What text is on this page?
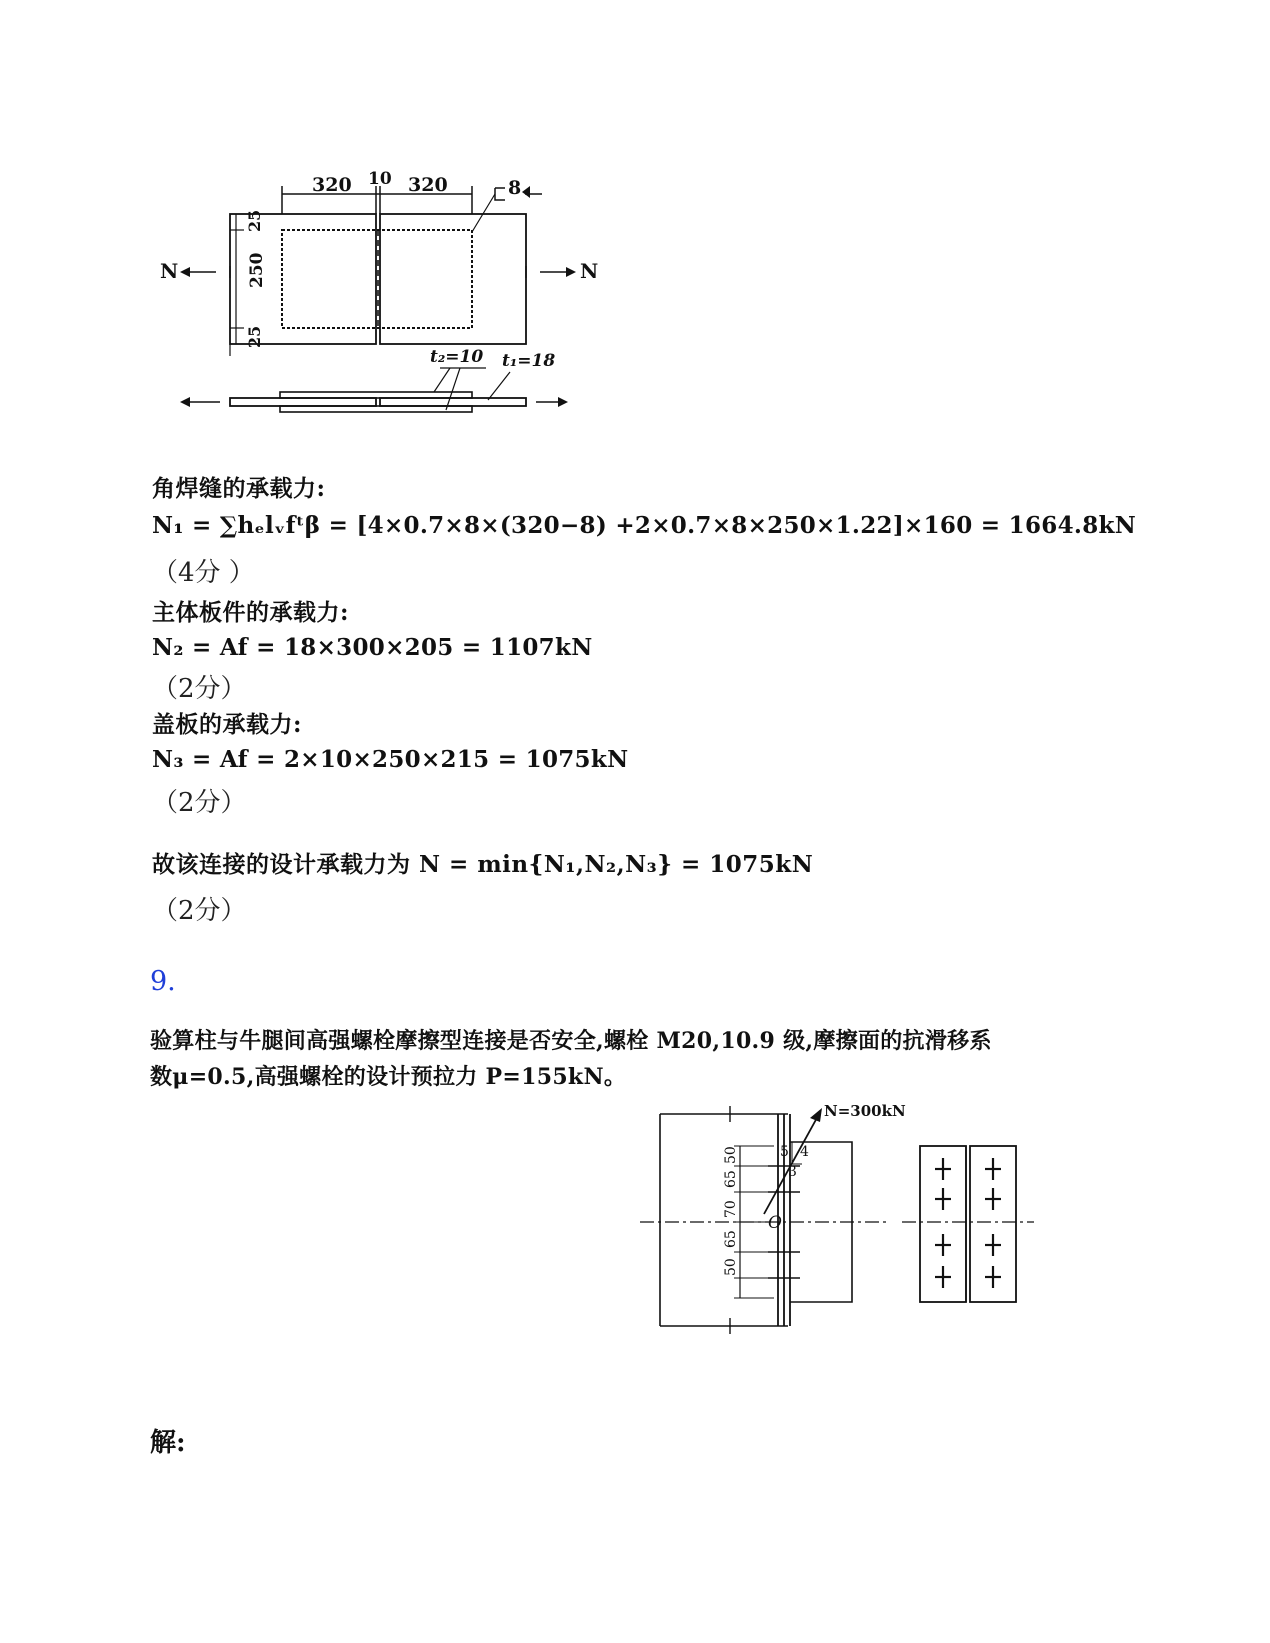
320 10 320	8
25
250
25
N	N
t₂=10 t₁=18
角焊缝的承载力:
N₁ = ∑hₑlᵥfᵗβ = [4×0.7×8×(320−8) +2×0.7×8×250×1.22]×160 = 1664.8kN
（4分 ）
主体板件的承载力:
N₂ = Af = 18×300×205 = 1107kN
（2分）
盖板的承载力:
N₃ = Af = 2×10×250×215 = 1075kN
（2分）
故该连接的设计承载力为 N = min{N₁,N₂,N₃} = 1075kN
（2分）
9.
验算柱与牛腿间高强螺栓摩擦型连接是否安全,螺栓 M20,10.9 级,摩擦面的抗滑移系
数μ=0.5,高强螺栓的设计预拉力 P=155kN。
50
65
70
65
50
O
N=300kN
5 4
3
解:
